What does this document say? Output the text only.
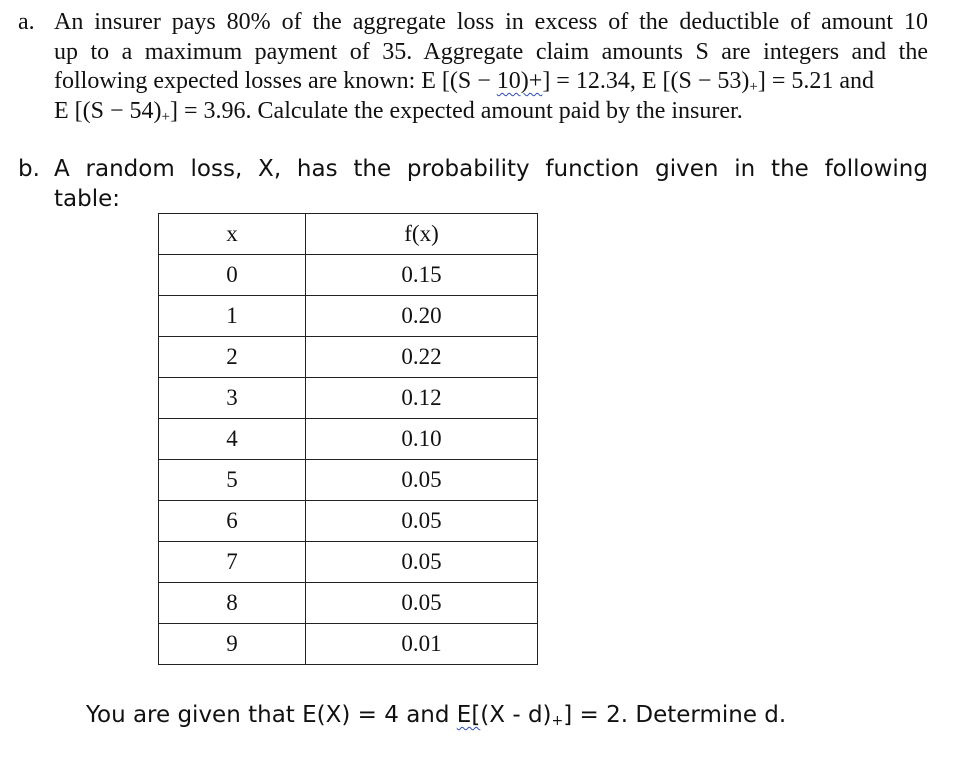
a. An insurer pays 80% of the aggregate loss in excess of the deductible of amount 10
up to a maximum payment of 35. Aggregate claim amounts S are integers and the
following expected losses are known: E [(S − 10)+] = 12.34, E $[(S - 53)_+] = 5.21$ and
E $[(S - 54)_+] = 3.96$. Calculate the expected amount paid by the insurer.
b. A random loss, X, has the probability function given in the following
table:
x	f(x)
0	0.15
1	0.20
2	0.22
3	0.12
4	0.10
5	0.05
6	0.05
7	0.05
8	0.05
9	0.01
You are given that E(X) = 4 and $E[(X - d)_+] = 2$. Determine d.
